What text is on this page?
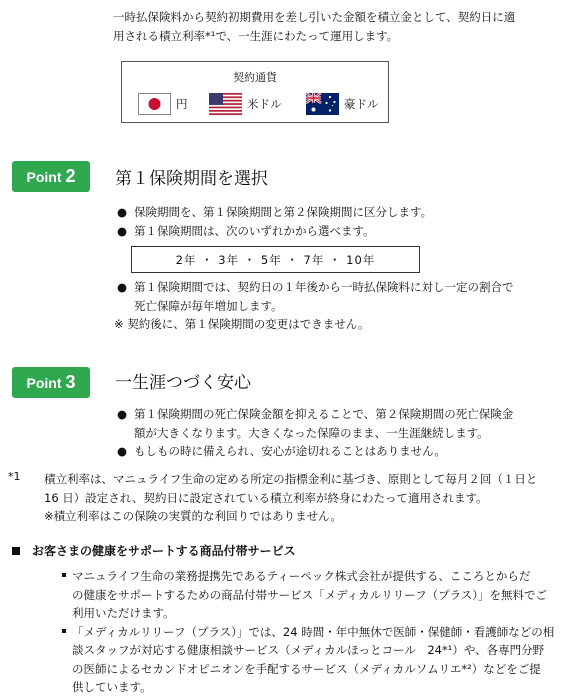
一時払保険料から契約初期費用を差し引いた金額を積立金として、契約日に適
用される積立利率*¹で、一生涯にわたって運用します。
契約通貨
円	米ドル	豪ドル
Point 2 第１保険期間を選択
● 保険期間を、第１保険期間と第２保険期間に区分します。
● 第１保険期間は、次のいずれかから選べます。
2年 ・ 3年 ・ 5年 ・ 7年 ・ 10年
● 第１保険期間では、契約日の１年後から一時払保険料に対し一定の割合で
死亡保障が毎年増加します。
※ 契約後に、第１保険期間の変更はできません。
Point 3 一生涯つづく安心
● 第１保険期間の死亡保険金額を抑えることで、第２保険期間の死亡保険金
額が大きくなります。大きくなった保障のまま、一生涯継続します。
● もしもの時に備えられ、安心が途切れることはありません。
*1 積立利率は、マニュライフ生命の定める所定の指標金利に基づき、原則として毎月２回（１日と
16 日）設定され、契約日に設定されている積立利率が終身にわたって適用されます。
※積立利率はこの保険の実質的な利回りではありません。
お客さまの健康をサポートする商品付帯サービス
マニュライフ生命の業務提携先であるティーペック株式会社が提供する、こころとからだ
の健康をサポートするための商品付帯サービス「メディカルリリーフ（プラス）」を無料でご
利用いただけます。
「メディカルリリーフ（プラス）」では、24 時間・年中無休で医師・保健師・看護師などの相
談スタッフが対応する健康相談サービス（メディカルほっとコール　24*¹）や、各専門分野
の医師によるセカンドオピニオンを手配するサービス（メディカルソムリエ*²）などをご提
供しています。
